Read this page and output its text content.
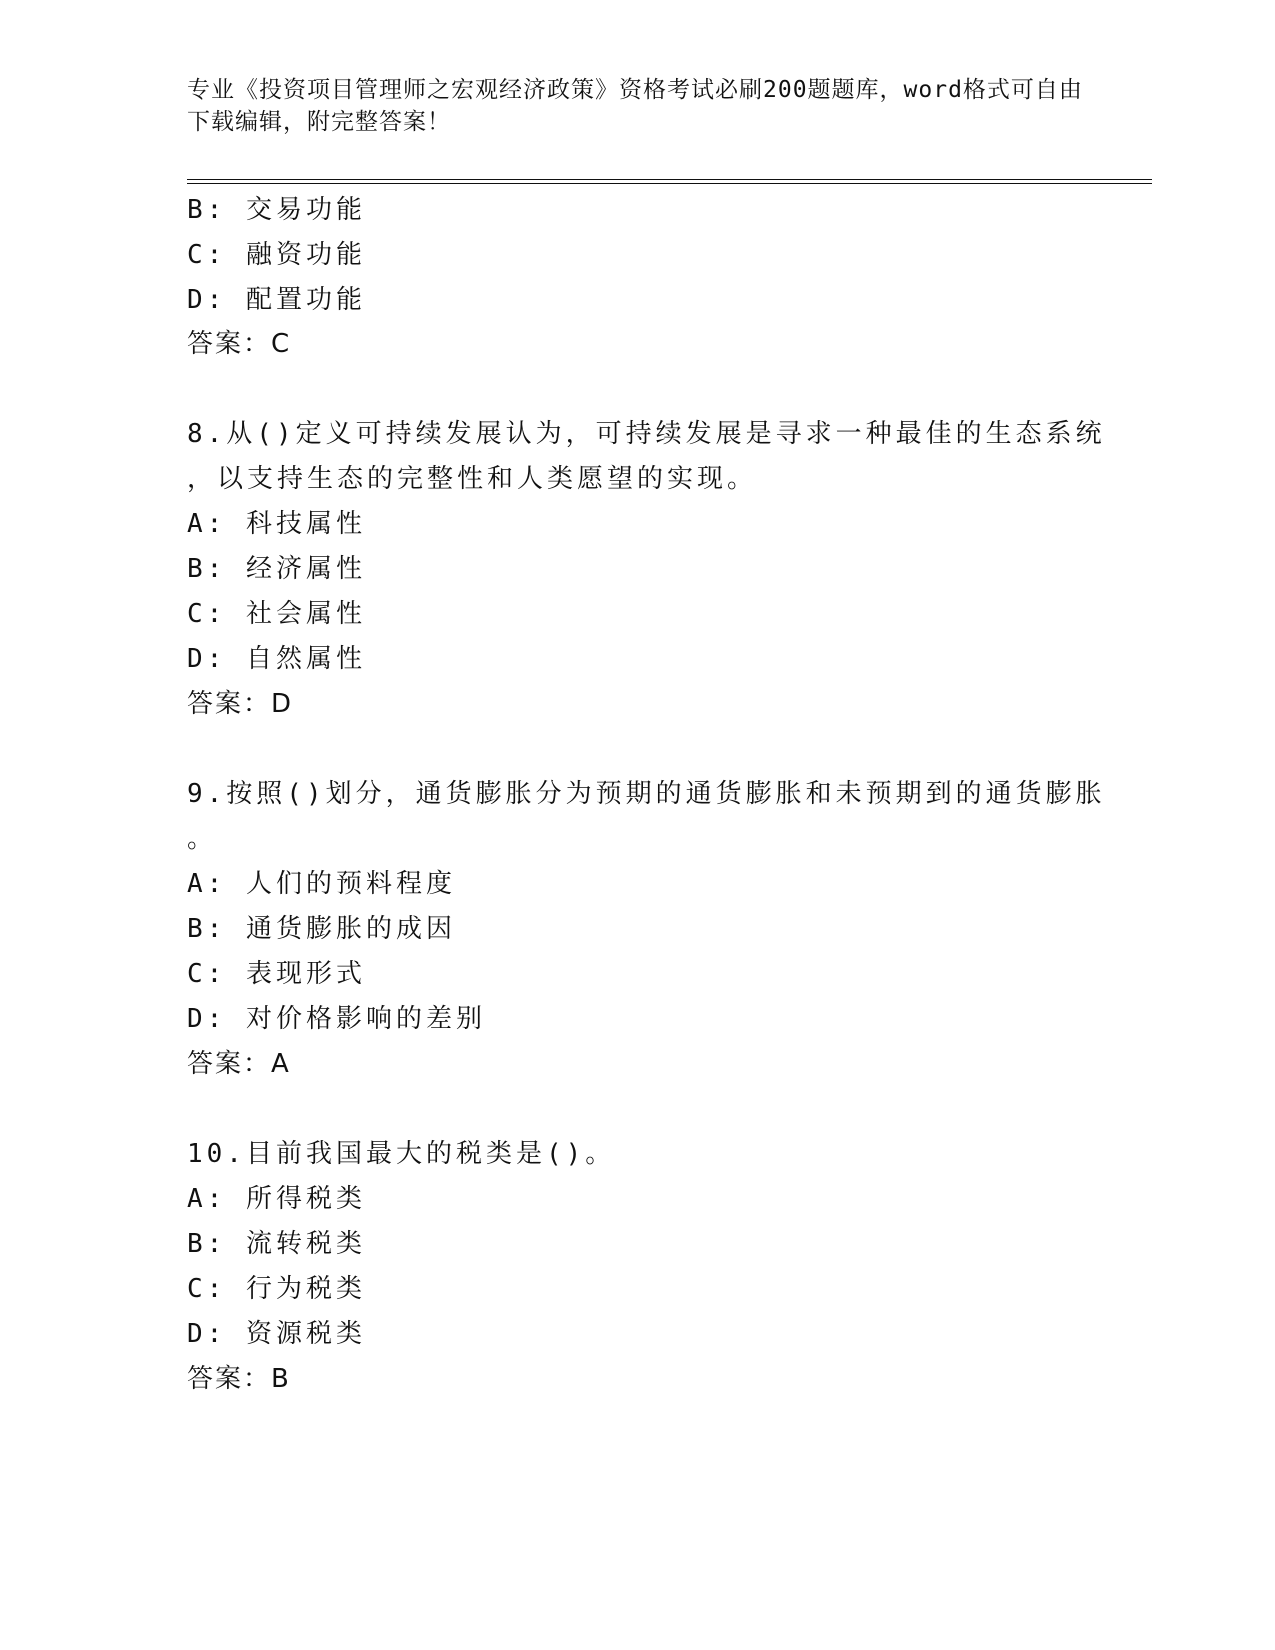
专业《投资项目管理师之宏观经济政策》资格考试必刷200题题库，word格式可自由下载编辑，附完整答案！
B: 交易功能
C: 融资功能
D: 配置功能
答案：C
8.从()定义可持续发展认为，可持续发展是寻求一种最佳的生态系统
，以支持生态的完整性和人类愿望的实现。
A: 科技属性
B: 经济属性
C: 社会属性
D: 自然属性
答案：D
9.按照()划分，通货膨胀分为预期的通货膨胀和未预期到的通货膨胀
。
A: 人们的预料程度
B: 通货膨胀的成因
C: 表现形式
D: 对价格影响的差别
答案：A
10.目前我国最大的税类是()。
A: 所得税类
B: 流转税类
C: 行为税类
D: 资源税类
答案：B
